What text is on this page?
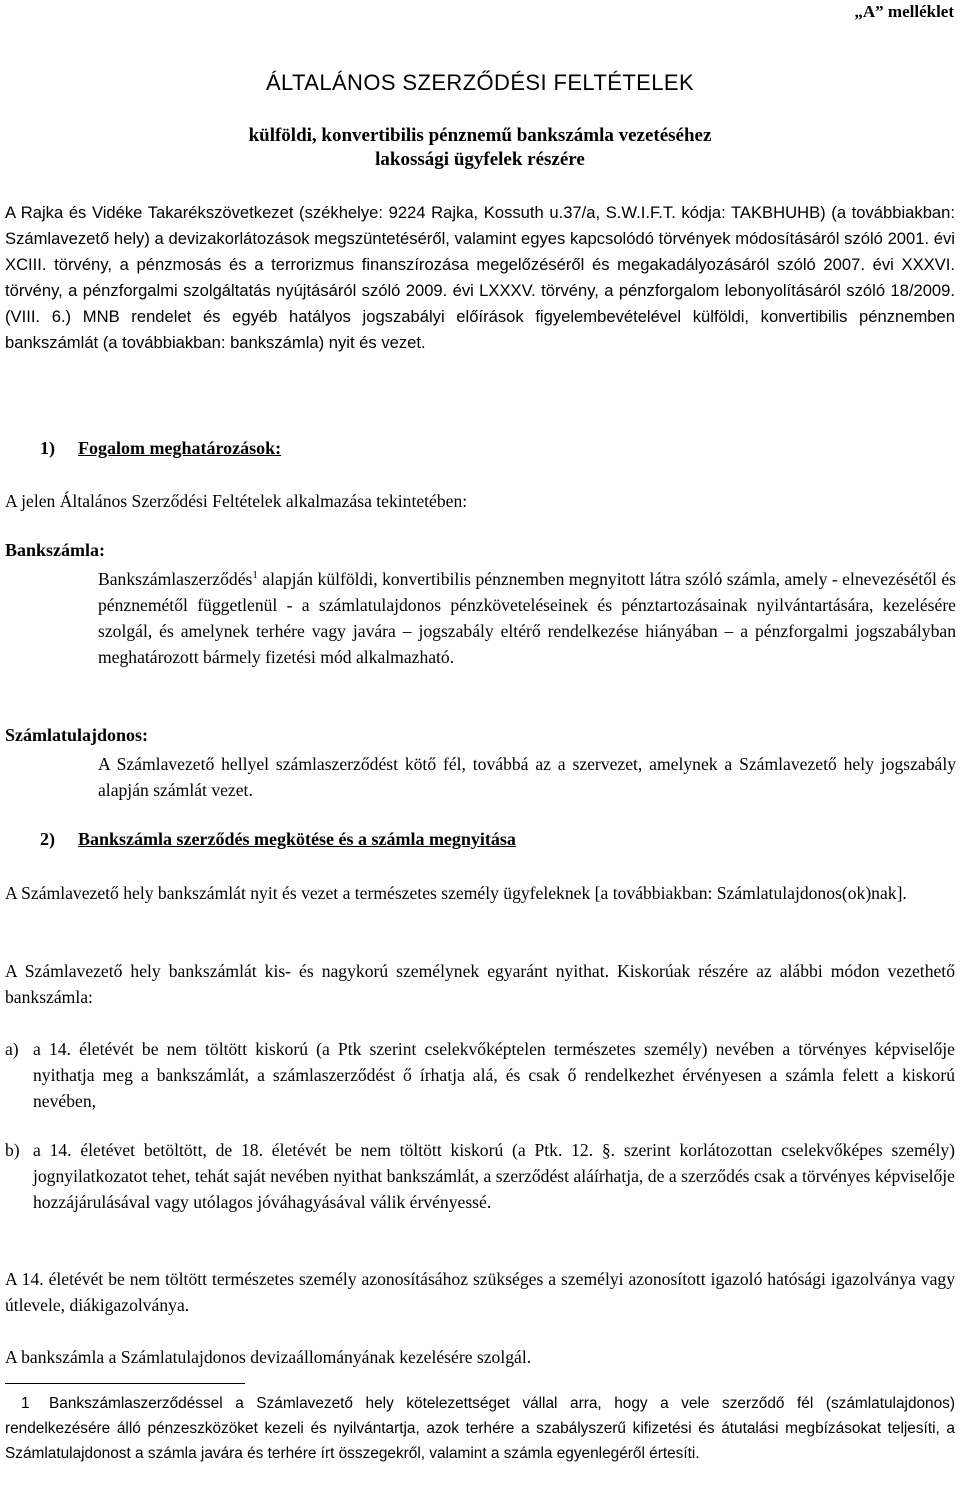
„A” melléklet
ÁLTALÁNOS SZERZŐDÉSI FELTÉTELEK
külföldi, konvertibilis pénznemű bankszámla vezetéséhez
lakossági ügyfelek részére
A Rajka és Vidéke Takarékszövetkezet (székhelye: 9224 Rajka, Kossuth u.37/a, S.W.I.F.T. kódja: TAKBHUHB) (a továbbiakban: Számlavezető hely) a devizakorlátozások megszüntetéséről, valamint egyes kapcsolódó törvények módosításáról szóló 2001. évi XCIII. törvény, a pénzmosás és a terrorizmus finanszírozása megelőzéséről és megakadályozásáról szóló 2007. évi XXXVI. törvény, a pénzforgalmi szolgáltatás nyújtásáról szóló 2009. évi LXXXV. törvény, a pénzforgalom lebonyolításáról szóló 18/2009. (VIII. 6.) MNB rendelet és egyéb hatályos jogszabályi előírások figyelembevételével külföldi, konvertibilis pénznemben bankszámlát (a továbbiakban: bankszámla) nyit és vezet.
1) Fogalom meghatározások:
A jelen Általános Szerződési Feltételek alkalmazása tekintetében:
Bankszámla:
Bankszámlaszerződés$^1$ alapján külföldi, konvertibilis pénznemben megnyitott látra szóló számla, amely - elnevezésétől és pénznemétől függetlenül - a számlatulajdonos pénzköveteléseinek és pénztartozásainak nyilvántartására, kezelésére szolgál, és amelynek terhére vagy javára – jogszabály eltérő rendelkezése hiányában – a pénzforgalmi jogszabályban meghatározott bármely fizetési mód alkalmazható.
Számlatulajdonos:
A Számlavezető hellyel számlaszerződést kötő fél, továbbá az a szervezet, amelynek a Számlavezető hely jogszabály alapján számlát vezet.
2) Bankszámla szerződés megkötése és a számla megnyitása
A Számlavezető hely bankszámlát nyit és vezet a természetes személy ügyfeleknek [a továbbiakban: Számlatulajdonos(ok)nak].
A Számlavezető hely bankszámlát kis- és nagykorú személynek egyaránt nyithat. Kiskorúak részére az alábbi módon vezethető bankszámla:
a) a 14. életévét be nem töltött kiskorú (a Ptk szerint cselekvőképtelen természetes személy) nevében a törvényes képviselője nyithatja meg a bankszámlát, a számlaszerződést ő írhatja alá, és csak ő rendelkezhet érvényesen a számla felett a kiskorú nevében,
b) a 14. életévet betöltött, de 18. életévét be nem töltött kiskorú (a Ptk. 12. §. szerint korlátozottan cselekvőképes személy) jognyilatkozatot tehet, tehát saját nevében nyithat bankszámlát, a szerződést aláírhatja, de a szerződés csak a törvényes képviselője hozzájárulásával vagy utólagos jóváhagyásával válik érvényessé.
A 14. életévét be nem töltött természetes személy azonosításához szükséges a személyi azonosított igazoló hatósági igazolványa vagy útlevele, diákigazolványa.
A bankszámla a Számlatulajdonos devizaállományának kezelésére szolgál.
1 Bankszámlaszerződéssel a Számlavezető hely kötelezettséget vállal arra, hogy a vele szerződő fél (számlatulajdonos) rendelkezésére álló pénzeszközöket kezeli és nyilvántartja, azok terhére a szabályszerű kifizetési és átutalási megbízásokat teljesíti, a Számlatulajdonost a számla javára és terhére írt összegekről, valamint a számla egyenlegéről értesíti.
